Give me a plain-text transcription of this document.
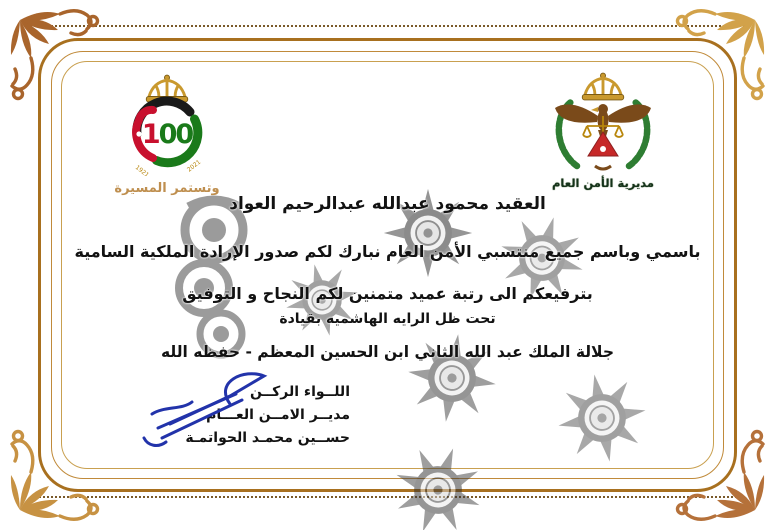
100
1921	2021
وتستمر المسيرة	مديرية الأمن العام
العقيد محمود عبدالله عبدالرحيم العواد
باسمي وباسم جميع منتسبي الأمن العام نبارك لكم صدور الإرادة الملكية السامية
بترفيعكم الى رتبة عميد متمنين لكم النجاح و التوفيق
تحت ظل الرايه الهاشميه بقيادة
جلالة الملك عبد الله الثاني ابن الحسين المعظم - حفظه الله
اللــواء الركــن
مديــر الامــن العـــام
حســين محمـد الحواتمـة
